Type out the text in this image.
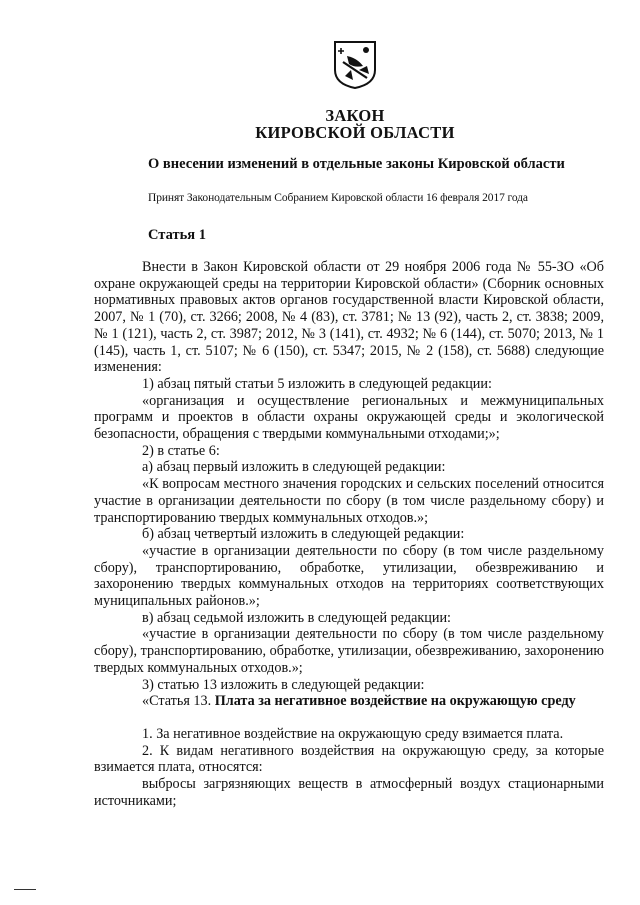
ЗАКОН
КИРОВСКОЙ ОБЛАСТИ
О внесении изменений в отдельные законы Кировской области
Принят Законодательным Собранием Кировской области 16 февраля 2017 года
Статья 1

Внести в Закон Кировской области от 29 ноября 2006 года № 55-ЗО «Об охране окружающей среды на территории Кировской области» (Сборник основных нормативных правовых актов органов государственной власти Кировской области, 2007, № 1 (70), ст. 3266; 2008, № 4 (83), ст. 3781; № 13 (92), часть 2, ст. 3838; 2009, № 1 (121), часть 2, ст. 3987; 2012, № 3 (141), ст. 4932; № 6 (144), ст. 5070; 2013, № 1 (145), часть 1, ст. 5107; № 6 (150), ст. 5347; 2015, № 2 (158), ст. 5688) следующие изменения:

1) абзац пятый статьи 5 изложить в следующей редакции:

«организация и осуществление региональных и межмуниципальных программ и проектов в области охраны окружающей среды и экологической безопасности, обращения с твердыми коммунальными отходами;»;

2) в статье 6:

а) абзац первый изложить в следующей редакции:

«К вопросам местного значения городских и сельских поселений относится участие в организации деятельности по сбору (в том числе раздельному сбору) и транспортированию твердых коммунальных отходов.»;

б) абзац четвертый изложить в следующей редакции:

«участие в организации деятельности по сбору (в том числе раздельному сбору), транспортированию, обработке, утилизации, обезвреживанию и захоронению твердых коммунальных отходов на территориях соответствующих муниципальных районов.»;

в) абзац седьмой изложить в следующей редакции:

«участие в организации деятельности по сбору (в том числе раздельному сбору), транспортированию, обработке, утилизации, обезвреживанию, захоронению твердых коммунальных отходов.»;

3) статью 13 изложить в следующей редакции:

«Статья 13. Плата за негативное воздействие на окружающую среду

1. За негативное воздействие на окружающую среду взимается плата.

2. К видам негативного воздействия на окружающую среду, за которые взимается плата, относятся:

выбросы загрязняющих веществ в атмосферный воздух стационарными источниками;
